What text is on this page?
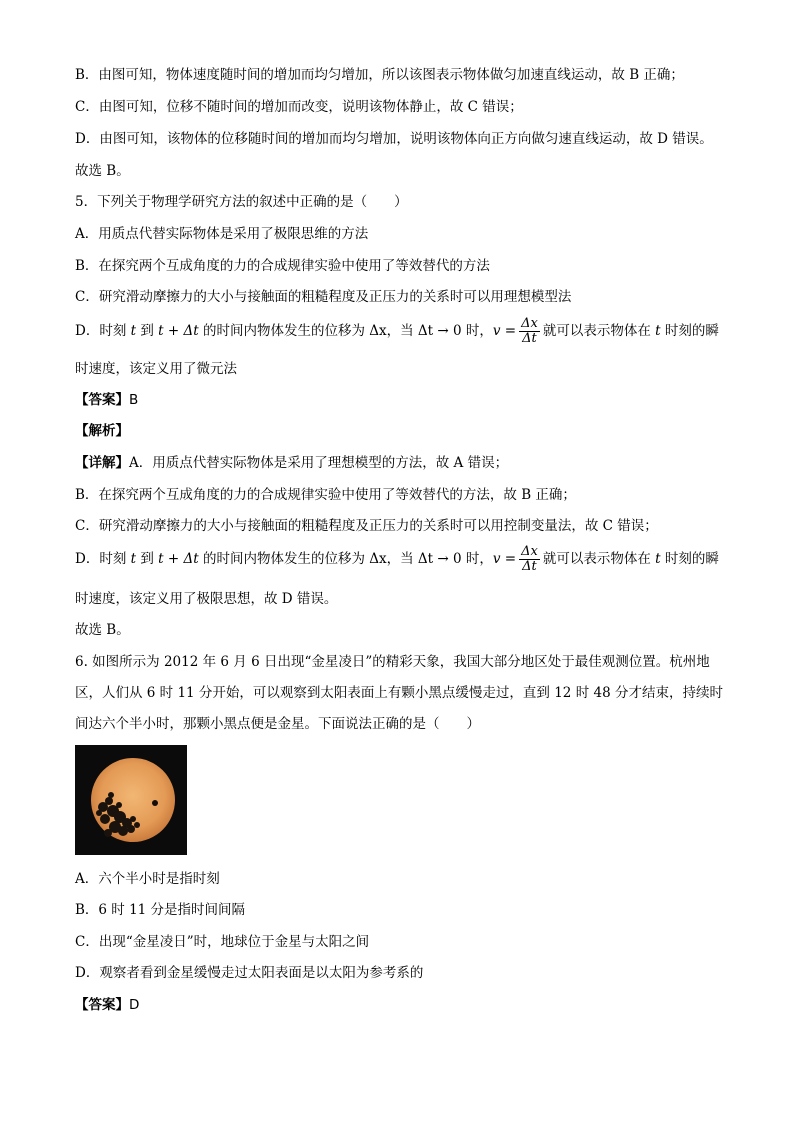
B．由图可知，物体速度随时间的增加而均匀增加，所以该图表示物体做匀加速直线运动，故 B 正确；
C．由图可知，位移不随时间的增加而改变，说明该物体静止，故 C 错误；
D．由图可知，该物体的位移随时间的增加而均匀增加，说明该物体向正方向做匀速直线运动，故 D 错误。
故选 B。
5．下列关于物理学研究方法的叙述中正确的是（　　）
A．用质点代替实际物体是采用了极限思维的方法
B．在探究两个互成角度的力的合成规律实验中使用了等效替代的方法
C．研究滑动摩擦力的大小与接触面的粗糙程度及正压力的关系时可以用理想模型法
D．时刻 t 到 t + Δt 的时间内物体发生的位移为 Δx，当 Δt → 0 时，$v = \frac{\Delta x}{\Delta t}$ 就可以表示物体在 t 时刻的瞬
时速度，该定义用了微元法
【答案】B
【解析】
【详解】A．用质点代替实际物体是采用了理想模型的方法，故 A 错误；
B．在探究两个互成角度的力的合成规律实验中使用了等效替代的方法，故 B 正确；
C．研究滑动摩擦力的大小与接触面的粗糙程度及正压力的关系时可以用控制变量法，故 C 错误；
D．时刻 t 到 t + Δt 的时间内物体发生的位移为 Δx，当 Δt → 0 时，$v = \frac{\Delta x}{\Delta t}$ 就可以表示物体在 t 时刻的瞬
时速度，该定义用了极限思想，故 D 错误。
故选 B。
6. 如图所示为 2012 年 6 月 6 日出现“金星凌日”的精彩天象，我国大部分地区处于最佳观测位置。杭州地
区，人们从 6 时 11 分开始，可以观察到太阳表面上有颗小黑点缓慢走过，直到 12 时 48 分才结束，持续时
间达六个半小时，那颗小黑点便是金星。下面说法正确的是（　　）
A．六个半小时是指时刻
B．6 时 11 分是指时间间隔
C．出现“金星凌日”时，地球位于金星与太阳之间
D．观察者看到金星缓慢走过太阳表面是以太阳为参考系的
【答案】D
